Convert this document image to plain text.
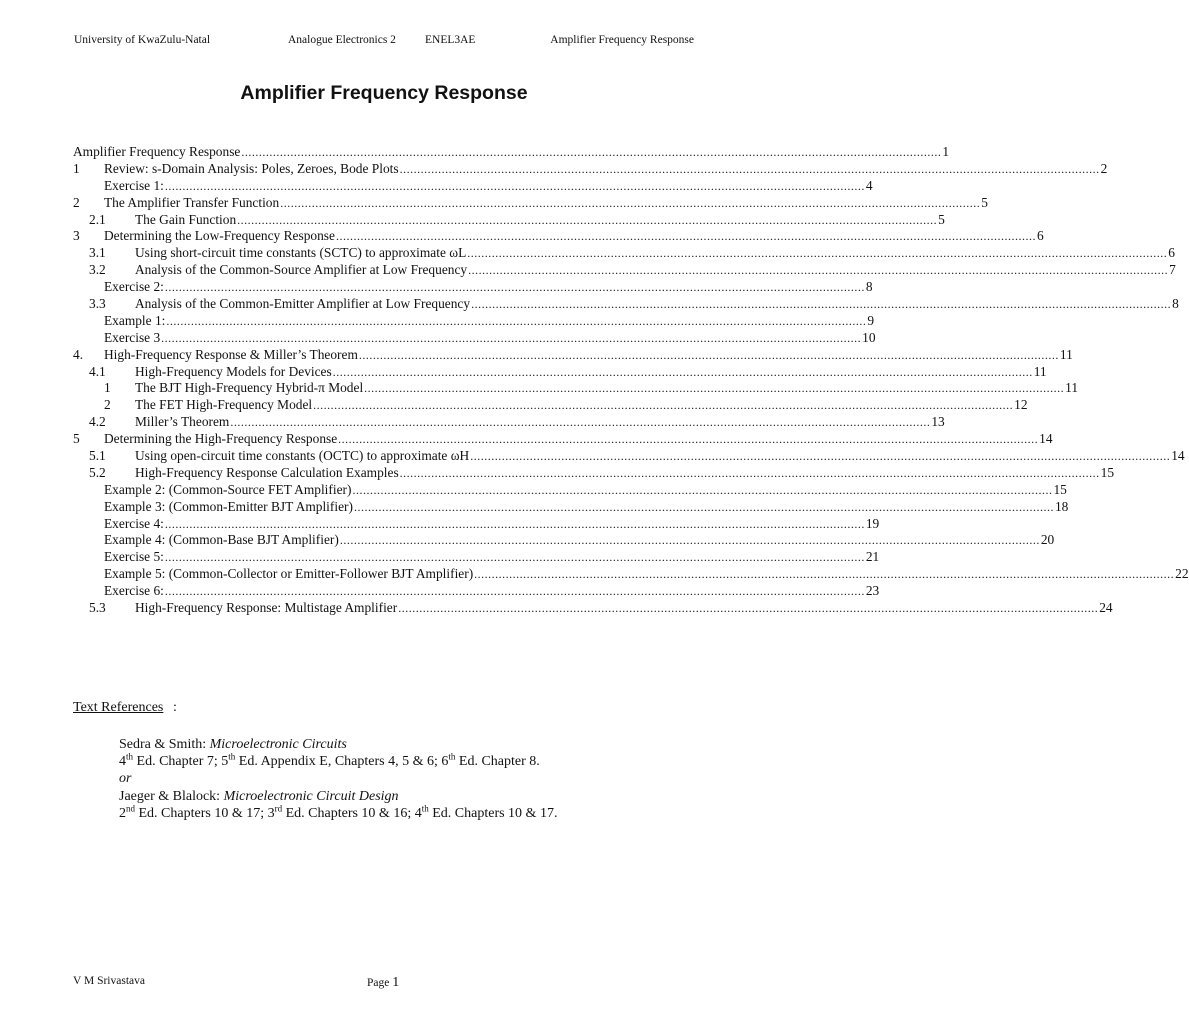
University of KwaZulu-Natal	Analogue Electronics 2	ENEL3AE	Amplifier Frequency Response
Amplifier Frequency Response
Amplifier Frequency Response ........................................................................................................................................................................................................ 1
1 Review: s-Domain Analysis: Poles, Zeroes, Bode Plots ........................................................................................................................................................................................................ 2
Exercise 1: ........................................................................................................................................................................................................ 4
2 The Amplifier Transfer Function ........................................................................................................................................................................................................ 5
2.1 The Gain Function ........................................................................................................................................................................................................ 5
3 Determining the Low-Frequency Response ........................................................................................................................................................................................................ 6
3.1 Using short-circuit time constants (SCTC) to approximate ωL ........................................................................................................................................................................................................ 6
3.2 Analysis of the Common-Source Amplifier at Low Frequency ........................................................................................................................................................................................................ 7
Exercise 2: ........................................................................................................................................................................................................ 8
3.3 Analysis of the Common-Emitter Amplifier at Low Frequency ........................................................................................................................................................................................................ 8
Example 1: ........................................................................................................................................................................................................ 9
Exercise 3 ........................................................................................................................................................................................................ 10
4. High-Frequency Response & Miller’s Theorem ........................................................................................................................................................................................................ 11
4.1 High-Frequency Models for Devices ........................................................................................................................................................................................................ 11
1 The BJT High-Frequency Hybrid-π Model ........................................................................................................................................................................................................ 11
2 The FET High-Frequency Model ........................................................................................................................................................................................................ 12
4.2 Miller’s Theorem ........................................................................................................................................................................................................ 13
5 Determining the High-Frequency Response ........................................................................................................................................................................................................ 14
5.1 Using open-circuit time constants (OCTC) to approximate ωH ........................................................................................................................................................................................................ 14
5.2 High-Frequency Response Calculation Examples ........................................................................................................................................................................................................ 15
Example 2: (Common-Source FET Amplifier) ........................................................................................................................................................................................................ 15
Example 3: (Common-Emitter BJT Amplifier) ........................................................................................................................................................................................................ 18
Exercise 4: ........................................................................................................................................................................................................ 19
Example 4: (Common-Base BJT Amplifier) ........................................................................................................................................................................................................ 20
Exercise 5: ........................................................................................................................................................................................................ 21
Example 5: (Common-Collector or Emitter-Follower BJT Amplifier) ........................................................................................................................................................................................................ 22
Exercise 6: ........................................................................................................................................................................................................ 23
5.3 High-Frequency Response: Multistage Amplifier ........................................................................................................................................................................................................ 24
Text References :
Sedra & Smith: Microelectronic Circuits
4th Ed. Chapter 7; 5th Ed. Appendix E, Chapters 4, 5 & 6; 6th Ed. Chapter 8.
or
Jaeger & Blalock: Microelectronic Circuit Design
2nd Ed. Chapters 10 & 17; 3rd Ed. Chapters 10 & 16; 4th Ed. Chapters 10 & 17.
V M Srivastava	Page 1
